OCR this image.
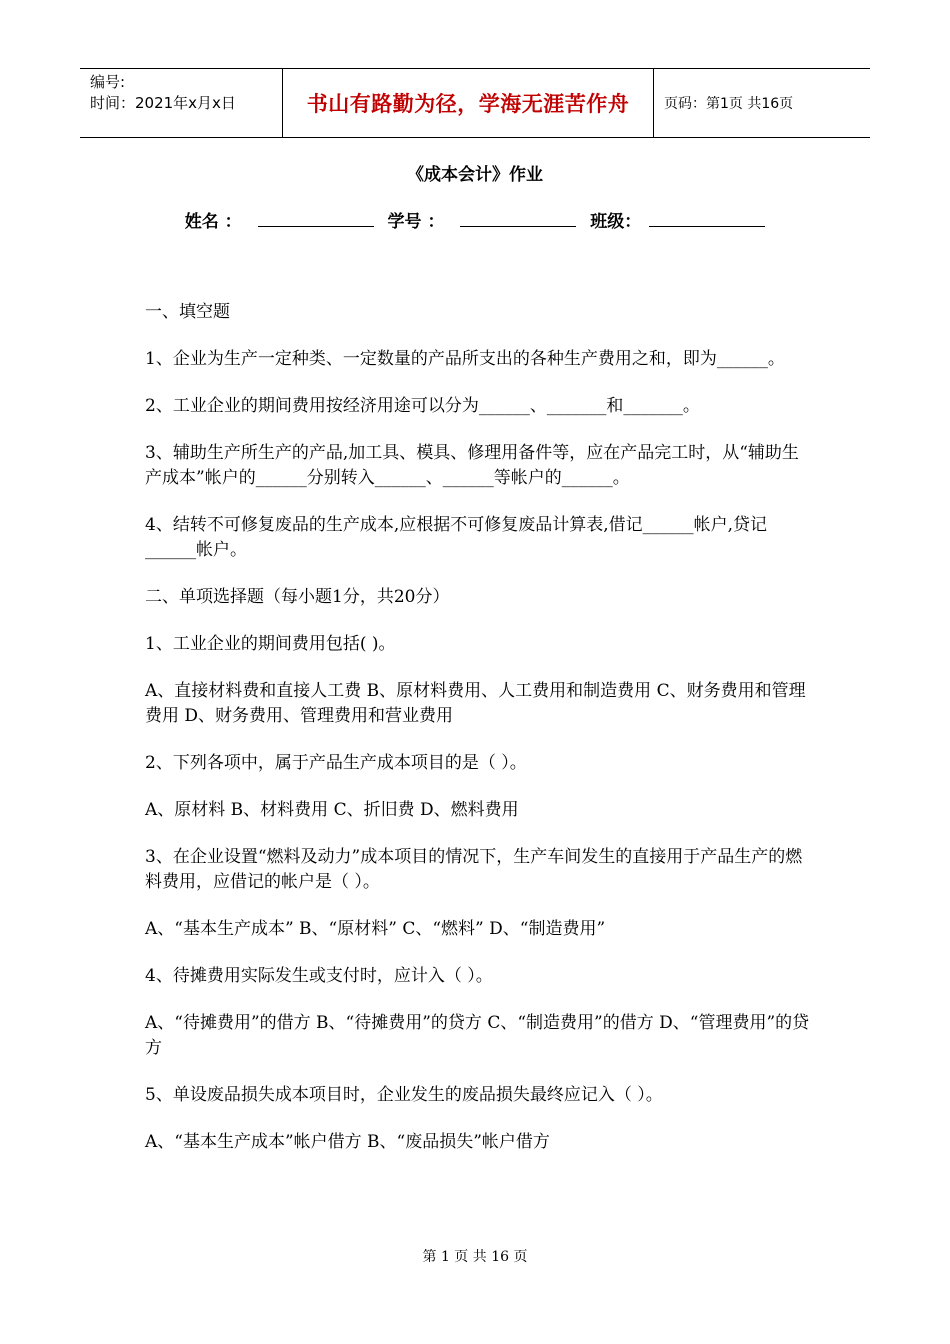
编号:
时间：2021年x月x日	书山有路勤为径，学海无涯苦作舟	页码：第1页 共16页
《成本会计》作业
姓名 ：	学号 ：	班级：

一、填空题

1、企业为生产一定种类、一定数量的产品所支出的各种生产费用之和，即为______。

2、工业企业的期间费用按经济用途可以分为______、_______和_______。

3、辅助生产所生产的产品,加工具、模具、修理用备件等，应在产品完工时，从“辅助生产成本”帐户的______分别转入______、______等帐户的______。

4、结转不可修复废品的生产成本,应根据不可修复废品计算表,借记______帐户,贷记______帐户。

二、单项选择题（每小题1分，共20分）

1、工业企业的期间费用包括( )。

A、直接材料费和直接人工费 B、原材料费用、人工费用和制造费用 C、财务费用和管理费用 D、财务费用、管理费用和营业费用

2、下列各项中，属于产品生产成本项目的是（ ）。

A、原材料 B、材料费用 C、折旧费 D、燃料费用

3、在企业设置“燃料及动力”成本项目的情况下，生产车间发生的直接用于产品生产的燃料费用，应借记的帐户是（ ）。

A、“基本生产成本” B、“原材料” C、“燃料” D、“制造费用”

4、待摊费用实际发生或支付时，应计入（ ）。

A、“待摊费用”的借方 B、“待摊费用”的贷方 C、“制造费用”的借方 D、“管理费用”的贷方

5、单设废品损失成本项目时，企业发生的废品损失最终应记入（ ）。

A、“基本生产成本”帐户借方 B、“废品损失”帐户借方

第 1 页 共 16 页
